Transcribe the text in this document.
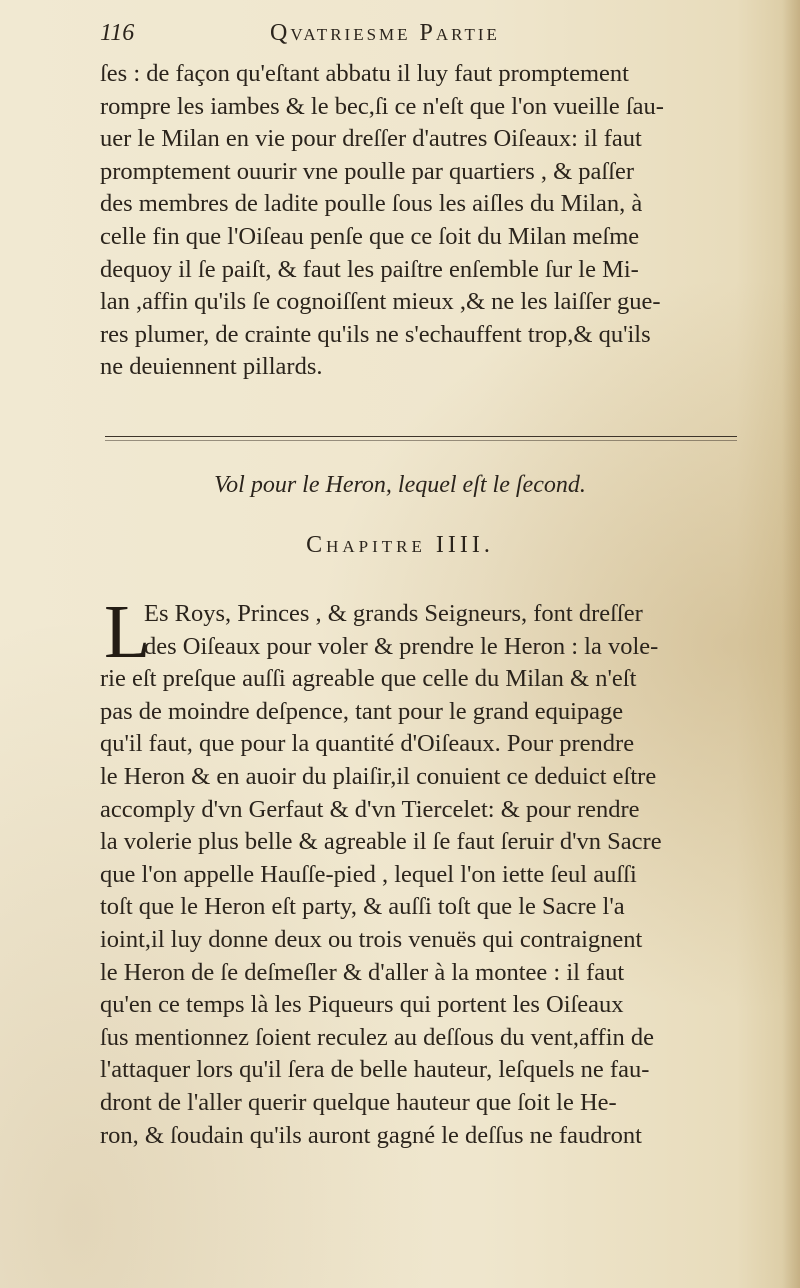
116	Qvatriesme Partie
ſes : de façon qu'eſtant abbatu il luy faut promptement
rompre les iambes & le bec,ſi ce n'eſt que l'on vueille ſau-
uer le Milan en vie pour dreſſer d'autres Oiſeaux: il faut
promptement ouurir vne poulle par quartiers , & paſſer
des membres de ladite poulle ſous les aiſles du Milan, à
celle fin que l'Oiſeau penſe que ce ſoit du Milan meſme
dequoy il ſe paiſt, & faut les paiſtre enſemble ſur le Mi-
lan ,affin qu'ils ſe cognoiſſent mieux ,& ne les laiſſer gue-
res plumer, de crainte qu'ils ne s'echauffent trop,& qu'ils
ne deuiennent pillards.
Vol pour le Heron, lequel eſt le ſecond.
Chapitre IIII.
L
Es Roys, Princes , & grands Seigneurs, font dreſſer
des Oiſeaux pour voler & prendre le Heron : la vole-
rie eſt preſque auſſi agreable que celle du Milan & n'eſt
pas de moindre deſpence, tant pour le grand equipage
qu'il faut, que pour la quantité d'Oiſeaux. Pour prendre
le Heron & en auoir du plaiſir,il conuient ce deduict eſtre
accomply d'vn Gerfaut & d'vn Tiercelet: & pour rendre
la volerie plus belle & agreable il ſe faut ſeruir d'vn Sacre
que l'on appelle Hauſſe-pied , lequel l'on iette ſeul auſſi
toſt que le Heron eſt party, & auſſi toſt que le Sacre l'a
ioint,il luy donne deux ou trois venuës qui contraignent
le Heron de ſe deſmeſler & d'aller à la montee : il faut
qu'en ce temps là les Piqueurs qui portent les Oiſeaux
ſus mentionnez ſoient reculez au deſſous du vent,affin de
l'attaquer lors qu'il ſera de belle hauteur, leſquels ne fau-
dront de l'aller querir quelque hauteur que ſoit le He-
ron, & ſoudain qu'ils auront gagné le deſſus ne faudront
